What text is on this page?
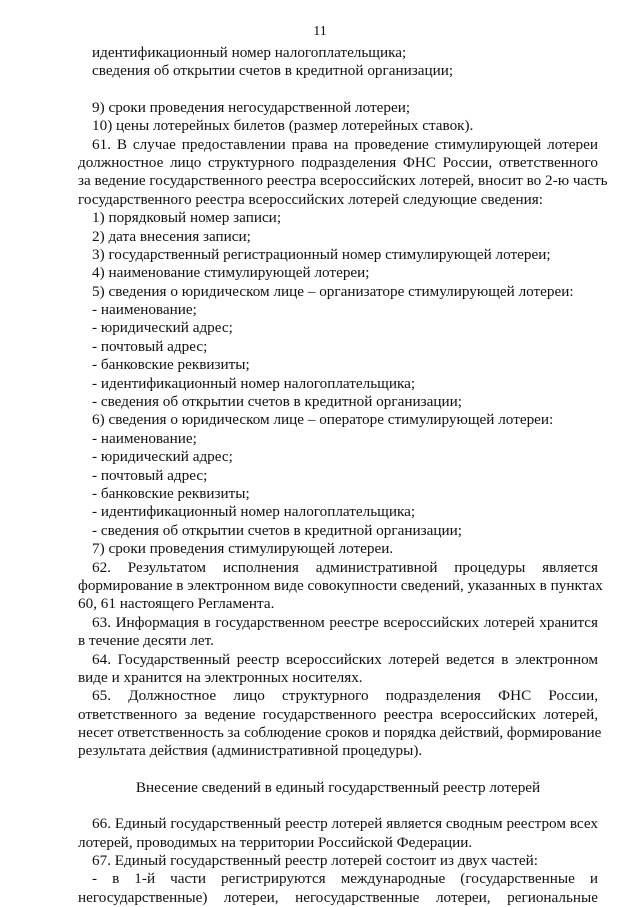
11
идентификационный номер налогоплательщика;
сведения об открытии счетов в кредитной организации;
9) сроки проведения негосударственной лотереи;
10) цены лотерейных билетов (размер лотерейных ставок).
61. В случае предоставлении права на проведение стимулирующей лотереи
должностное лицо структурного подразделения ФНС России, ответственного
за ведение государственного реестра всероссийских лотерей, вносит во 2-ю часть
государственного реестра всероссийских лотерей следующие сведения:
1) порядковый номер записи;
2) дата внесения записи;
3) государственный регистрационный номер стимулирующей лотереи;
4) наименование стимулирующей лотереи;
5) сведения о юридическом лице – организаторе стимулирующей лотереи:
- наименование;
- юридический адрес;
- почтовый адрес;
- банковские реквизиты;
- идентификационный номер налогоплательщика;
- сведения об открытии счетов в кредитной организации;
6) сведения о юридическом лице – операторе стимулирующей лотереи:
- наименование;
- юридический адрес;
- почтовый адрес;
- банковские реквизиты;
- идентификационный номер налогоплательщика;
- сведения об открытии счетов в кредитной организации;
7) сроки проведения стимулирующей лотереи.
62. Результатом исполнения административной процедуры является
формирование в электронном виде совокупности сведений, указанных в пунктах
60, 61 настоящего Регламента.
63. Информация в государственном реестре всероссийских лотерей хранится
в течение десяти лет.
64. Государственный реестр всероссийских лотерей ведется в электронном
виде и хранится на электронных носителях.
65. Должностное лицо структурного подразделения ФНС России,
ответственного за ведение государственного реестра всероссийских лотерей,
несет ответственность за соблюдение сроков и порядка действий, формирование
результата действия (административной процедуры).
Внесение сведений в единый государственный реестр лотерей
66. Единый государственный реестр лотерей является сводным реестром всех
лотерей, проводимых на территории Российской Федерации.
67. Единый государственный реестр лотерей состоит из двух частей:
- в 1-й части регистрируются международные (государственные и
негосударственные) лотереи, негосударственные лотереи, региональные
